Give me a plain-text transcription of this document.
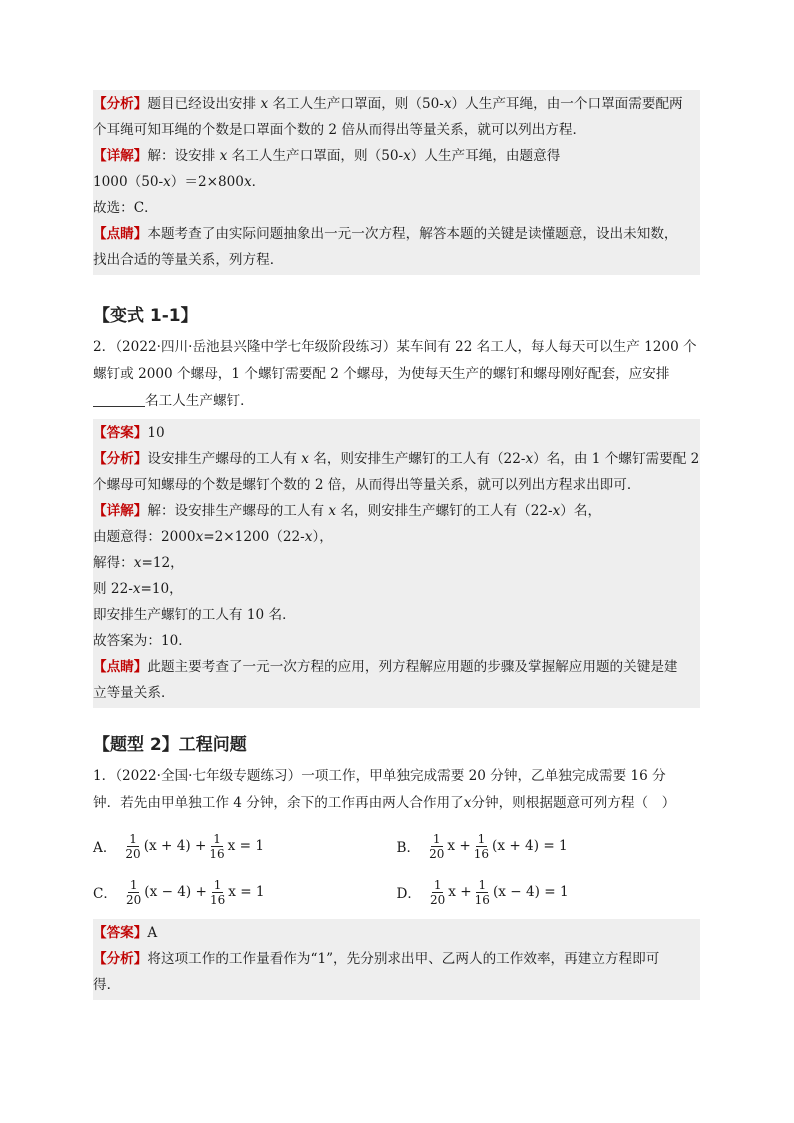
【分析】题目已经设出安排 x 名工人生产口罩面，则（50-x）人生产耳绳，由一个口罩面需要配两
个耳绳可知耳绳的个数是口罩面个数的 2 倍从而得出等量关系，就可以列出方程．
【详解】解：设安排 x 名工人生产口罩面，则（50-x）人生产耳绳，由题意得
1000（50-x）＝2×800x．
故选：C．
【点睛】本题考查了由实际问题抽象出一元一次方程，解答本题的关键是读懂题意，设出未知数，
找出合适的等量关系，列方程．
【变式 1-1】
2．（2022·四川·岳池县兴隆中学七年级阶段练习）某车间有 22 名工人，每人每天可以生产 1200 个
螺钉或 2000 个螺母，1 个螺钉需要配 2 个螺母，为使每天生产的螺钉和螺母刚好配套，应安排
名工人生产螺钉．
【答案】10
【分析】设安排生产螺母的工人有 x 名，则安排生产螺钉的工人有（22-x）名，由 1 个螺钉需要配 2
个螺母可知螺母的个数是螺钉个数的 2 倍，从而得出等量关系，就可以列出方程求出即可．
【详解】解：设安排生产螺母的工人有 x 名，则安排生产螺钉的工人有（22-x）名，
由题意得：2000x=2×1200（22-x），
解得：x=12，
则 22-x=10，
即安排生产螺钉的工人有 10 名．
故答案为：10．
【点睛】此题主要考查了一元一次方程的应用，列方程解应用题的步骤及掌握解应用题的关键是建
立等量关系．
【题型 2】工程问题
1．（2022·全国·七年级专题练习）一项工作，甲单独完成需要 20 分钟，乙单独完成需要 16 分
钟．若先由甲单独工作 4 分钟，余下的工作再由两人合作用了x分钟，则根据题意可列方程（　）
A． $\frac{1}{20} (x + 4) + \frac{1}{16}$ x = 1	B． $\frac{1}{20}$ $x + \frac{1}{16} (x + 4) = 1$
C． $\frac{1}{20} (x - 4) + \frac{1}{16}$ x = 1	D． $\frac{1}{20}$ $x + \frac{1}{16} (x - 4) = 1$
【答案】A
【分析】将这项工作的工作量看作为“1”，先分别求出甲、乙两人的工作效率，再建立方程即可
得．
